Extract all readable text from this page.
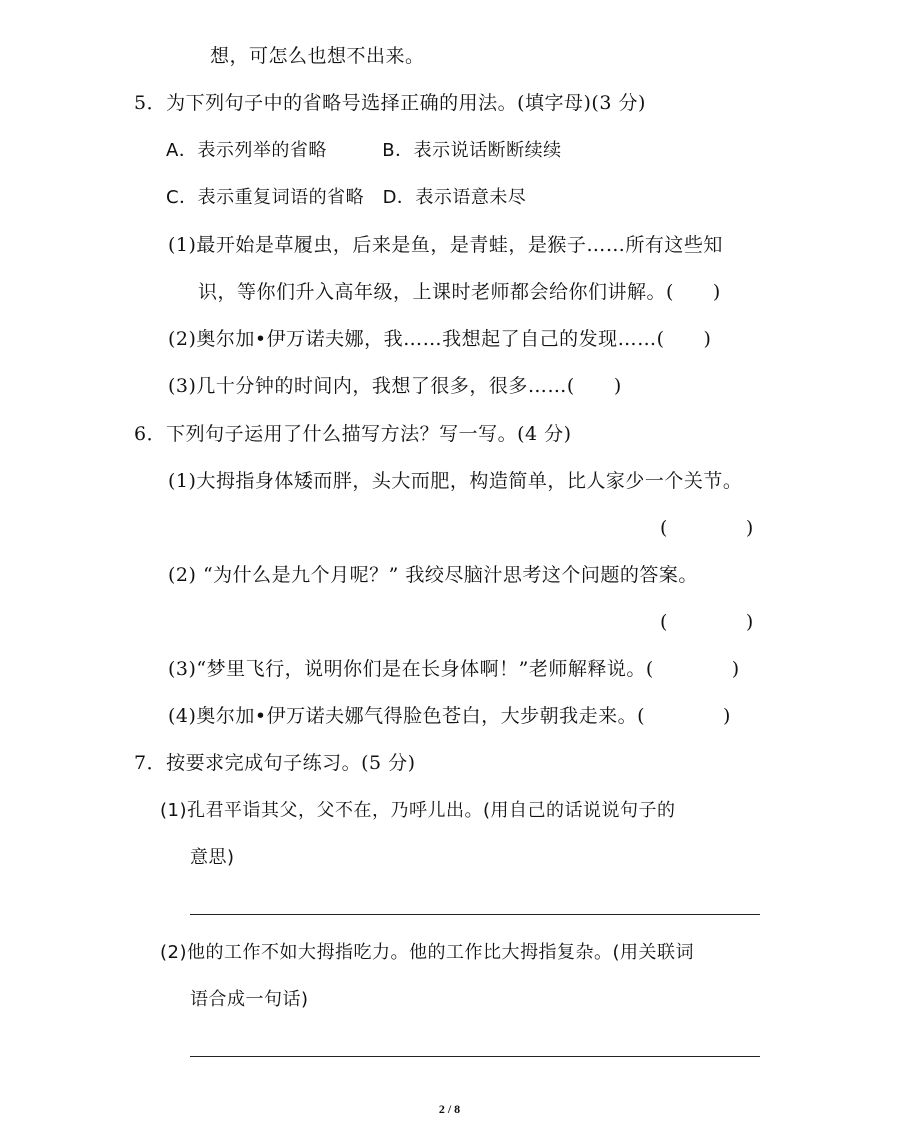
想，可怎么也想不出来。
5．为下列句子中的省略号选择正确的用法。(填字母)(3 分)
A．表示列举的省略　　　B．表示说话断断续续
C．表示重复词语的省略　D．表示语意未尽
(1)最开始是草履虫，后来是鱼，是青蛙，是猴子……所有这些知
识，等你们升入高年级，上课时老师都会给你们讲解。(　　)
(2)奥尔加•伊万诺夫娜，我……我想起了自己的发现……(　　)
(3)几十分钟的时间内，我想了很多，很多……(　　)
6．下列句子运用了什么描写方法？写一写。(4 分)
(1)大拇指身体矮而胖，头大而肥，构造简单，比人家少一个关节。
(　　　　)
(2) “为什么是九个月呢？” 我绞尽脑汁思考这个问题的答案。
(　　　　)
(3)“梦里飞行，说明你们是在长身体啊！”老师解释说。(　　　　)
(4)奥尔加•伊万诺夫娜气得脸色苍白，大步朝我走来。(　　　　)
7．按要求完成句子练习。(5 分)
(1)孔君平诣其父，父不在，乃呼儿出。(用自己的话说说句子的
意思)
(2)他的工作不如大拇指吃力。他的工作比大拇指复杂。(用关联词
语合成一句话)
2 / 8
